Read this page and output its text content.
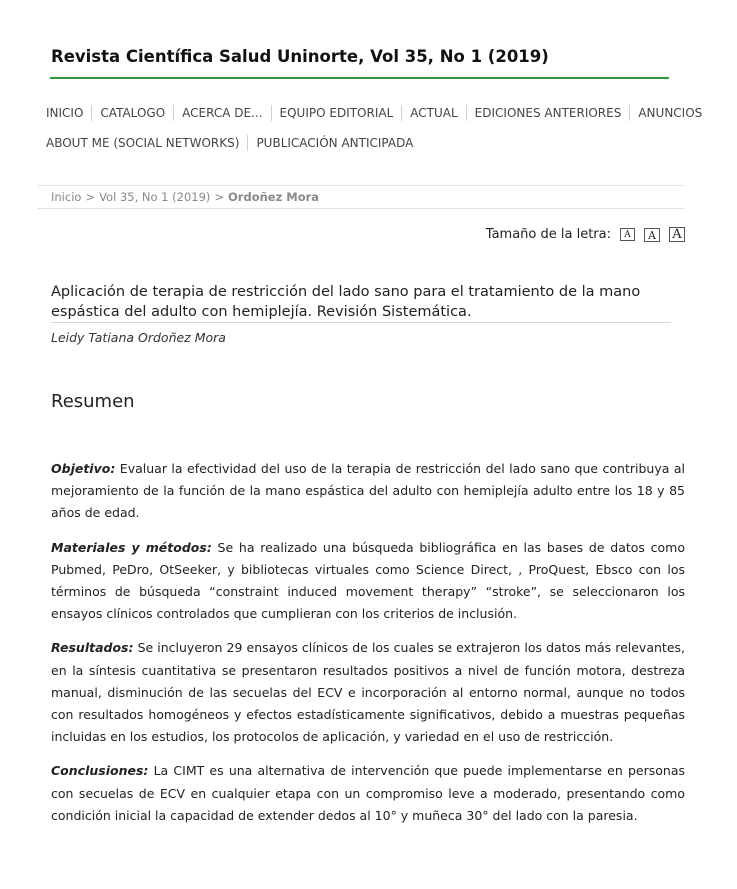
Revista Científica Salud Uninorte, Vol 35, No 1 (2019)
INICIO	CATALOGO	ACERCA DE...	EQUIPO EDITORIAL	ACTUAL	EDICIONES ANTERIORES	ANUNCIOS
ABOUT ME (SOCIAL NETWORKS)	PUBLICACIÓN ANTICIPADA
Inicio > Vol 35, No 1 (2019) > Ordoñez Mora
Tamaño de la letra:	A	A	A
Aplicación de terapia de restricción del lado sano para el tratamiento de la mano espástica del adulto con hemiplejía. Revisión Sistemática.
Leidy Tatiana Ordoñez Mora
Resumen

Objetivo: Evaluar la efectividad del uso de la terapia de restricción del lado sano que contribuya al mejoramiento de la función de la mano espástica del adulto con hemiplejía adulto entre los 18 y 85 años de edad.

Materiales y métodos: Se ha realizado una búsqueda bibliográfica en las bases de datos como Pubmed, PeDro, OtSeeker, y bibliotecas virtuales como Science Direct, , ProQuest, Ebsco con los términos de búsqueda “constraint induced movement therapy” “stroke”, se seleccionaron los ensayos clínicos controlados que cumplieran con los criterios de inclusión.

Resultados: Se incluyeron 29 ensayos clínicos de los cuales se extrajeron los datos más relevantes, en la síntesis cuantitativa se presentaron resultados positivos a nivel de función motora, destreza manual, disminución de las secuelas del ECV e incorporación al entorno normal, aunque no todos con resultados homogéneos y efectos estadísticamente significativos, debido a muestras pequeñas incluidas en los estudios, los protocolos de aplicación, y variedad en el uso de restricción.

Conclusiones: La CIMT es una alternativa de intervención que puede implementarse en personas con secuelas de ECV en cualquier etapa con un compromiso leve a moderado, presentando como condición inicial la capacidad de extender dedos al 10° y muñeca 30° del lado con la paresia.
